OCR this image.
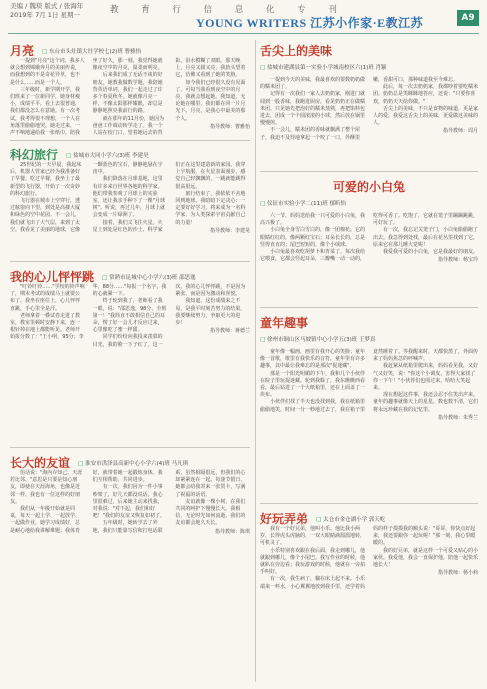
美编 / 魏琰 版式 / 张海年
2019年 7月 1日 星期一	教 育 行 信 息 化 专 刊
YOUNG WRITERS 江苏小作家·E教江苏	A9
月亮 □ 东台市头灶镇大灶学校七(2)班 曹雅怡

一提到"月亮"这个词，我多人就会想到嫦娥奔月的美丽传说，而我想到的不是奇花异草，也不是什么……而是一个人。

三年级时，新学期开学，我们班来了一位新同学，她身材瘦小，成绩平平，看上去很普通，我们都没怎么在意她。有一次考试，我考得很不理想，一个人在角落里偷偷地哭。她走过来，一声不响地递给我一张纸巾，陪我坐了好久，那一刻，我觉得她就像夜空中的月亮，温柔而明亮。

后来我们成了无话不谈的好朋友。她教我做数学题，我陪她背英语单词，我们一起走过了许多个春夏秋冬。她就像月亮一样，不像太阳那样耀眼，却总是静静地照亮我前行的路。

就在那年的11月份，她因为爸爸工作调动转学走了。我一个人站在校门口，望着她远去的背影，泪水模糊了双眼。那天晚上，月亮又圆又亮，我抬头望着它，仿佛又看到了她的笑脸。

如今我们已经很久没有见面了，可每当我看到夜空中的月亮，我就会想起她。我知道，无论她在哪里，我们都在同一片月光下。月亮，是我心中最美的那个人。

指导教师：曹雅怡
科幻旅行 □ 盐城市大同小学六(3)班 李建昊

25世纪的一天早晨，我起床后，机器人管家已经为我准备好了早餐。吃过早餐，我坐上了最新型的飞行器，开始了一次奇妙的科幻旅行。

飞行器在城市上空穿行，透过舷窗向下望，到处是高楼大厦和绿色的空中花园。不一会儿，我们就飞出了大气层，来到了太空。我看见了美丽的地球，它像一颗蓝色的宝石，静静地悬在宇宙中。

我们降落在月球基地，这里有许多来自世界各地的科学家。他们带我参观了月球上的实验室，还让我亲手种下了一棵"月球树"。听说，再过几年，月球上就会变成一片绿洲了。

接着，我们又飞往火星。火星上到处是红色的沙土，科学家们正在这里建造新的家园。我穿上宇航服，在火星表面漫步，感觉自己轻飘飘的，一跳就能跳得很高很远。

旅行结束了，我依依不舍地回到地球。我暗暗下定决心：一定要好好学习，将来成为一名科学家，为人类探索宇宙贡献自己的力量！

指导教师：李建昊
我的心儿怦怦跳 □ 常熟市昆城中心小学六(3)班 邵思逸

"叮铃叮铃……"学校的铃声响了，期末考试的成绩马上就要公布了。我坐在座位上，心儿怦怦直跳，手心里全是汗。

老师拿着一叠试卷走进了教室，教室里顿时安静下来，连一根针掉在地上都能听见。老师开始报分数了："王小明，95分；李华，88分……"每报一个名字，我的心就紧一下。

终于轮到我了，老师看了我一眼，说："邵思逸，98分，全班第一！"我简直不敢相信自己的耳朵，愣了好一会儿才反应过来，心里像吃了蜜一样甜。

同学们纷纷向我投来羡慕的目光，我的脸一下子红了。这一次，我的心儿怦怦跳，不是因为紧张，而是因为激动和喜悦。

我知道，这份成绩来之不易，是我平时刻苦努力的结果。我要继续努力，争取更大的进步！

指导教师：蒋德兰
长大的友谊 □ 淮安市洪泽县高新中心小学六(4)班 马凡琪

俗话说："海内存知己，天涯若比邻。"意思是只要是知心朋友，即使在天涯海角，也像是近邻一样。我也有一位这样的好朋友。

我们从一年级开始就是同桌，每天一起上学、一起放学、一起做作业。她学习成绩好，总是耐心地给我讲解难题；我体育好，就带着她一起锻炼身体。我们互相帮助，共同进步。

有一次，我们因为一件小事吵架了，好几天都没说话。我心里很难过，后来她主动来找我，对我说："对不起，我们和好吧！"我们的友谊又恢复如初了。

五年级时，她转学去了外地，我们只能靠写信和打电话联系。虽然相隔很远，但我们的心却紧紧连在一起。每逢节假日，她都会给我寄来一张贺卡，写满了祝福的话语。

友谊就像一棵小树，在我们共同的呵护下慢慢长大。我相信，无论时光如何流逝，我们的友谊都会地久天长。

指导教师：陈琪
舌尖上的美味
□ 盐城市建湖县第一实验小学城南校区六(1)班 肖颖

一提到今天的美味，我最喜欢的要数奶奶做的糯米团了。

记得有一次我们一家人去奶奶家，刚进门就闻到一股香味，我跑进厨房，看见奶奶正在做糯米团。只见她先把泡好的糯米蒸熟，再把馅料包进去，团成一个个圆滚滚的小球，然后放在锅里慢慢煎。

不一会儿，糯米团的香味就飘满了整个屋子。我迫不及待地拿起一个咬了一口，外酥里嫩，香甜可口，那种味道我至今难忘。

此后，每一次去奶奶家，我都吵着要吃糯米团。奶奶总是笑眯眯地答应，还说："只要你喜欢，奶奶天天给你做。"

舌尖上的美味，不只是食物的味道，更是家人的爱。我爱这舌尖上的美味，更爱做这美味的人。

指导教师：周月
可爱的小白兔
□ 仪征市实验小学二(11)班 郁昕怡

六一节，妈妈送给我一只可爱的小白兔，我高兴极了。

小白兔全身雪白雪白的，像一团棉花。它的眼睛红红的，像两颗红宝石；耳朵长长的，总是竖得直直的；尾巴短短的，像个小绒球。

小白兔最喜欢吃胡萝卜和青菜了。每次我给它喂食，它都会竖起耳朵，三瓣嘴一动一动的，吃得可香了。吃饱了，它就在笼子里蹦蹦跳跳，可好玩了。

有一次，我忘记关笼子门，小白兔偷偷跑了出去。我急得到处找，最后在花丛里找到了它，原来它在那儿睡大觉呢！

我爱我可爱的小白兔，它是我最好的朋友。

指导教师：杨宝玲
童年趣事
□ 徐州市铜山区马坡镇中心小学五(3)班 王梦真

童年像一幅画，画里有我开心的笑脸；童年像一首歌，歌里有我快乐的音符。童年里有许多趣事，其中最让我难忘的是那次"捉迷藏"。

那是一个阳光明媚的下午，我和几个小伙伴在院子里玩捉迷藏。轮到我躲了，我东瞧瞧西看看，最后钻进了一个大纸箱里，还在上面盖了一块布。

小伙伴们找了半天也没找到我，我在纸箱里偷偷地笑。时间一分一秒地过去了，我在箱子里竟然睡着了。等我醒来时，天都快黑了，外面传来了妈妈焦急的呼喊声。

我赶紧从纸箱里爬出来，妈妈看见我，又好气又好笑，说："你这个小调皮，害得大家找了你一下午！"小伙伴们也围过来，哈哈大笑起来。

现在想起这件事，我还会忍不住笑出声来。童年的趣事就像天上的星星，数也数不清，它们将永远珍藏在我的记忆里。

指导教师：朱秀兰
好玩弄弟 □ 太仓市金仓湖小学 郭天屹

我有一个好兄弟，他叫小乐。他比我小两岁，长得虎头虎脑的，一双大眼睛滴溜溜地转，可机灵了。

小乐特别喜欢跟在我后面，我走到哪儿，他就跟到哪儿，像个小尾巴。我写作业的时候，他就趴在旁边看；我玩游戏的时候，他就在一旁拍手叫好。

有一次，我生病了，躺在床上起不来。小乐端来一杯水，小心翼翼地放到我手里，还学着妈妈的样子摸摸我的额头说："哥哥，你快点好起来，我还要跟你一起玩呢！"那一刻，我心里暖暖的。

我的好兄弟，就是这样一个可爱又贴心的小家伙。我爱他，我会一直保护他，陪他一起快乐地长大！

指导教师：杨小莉
